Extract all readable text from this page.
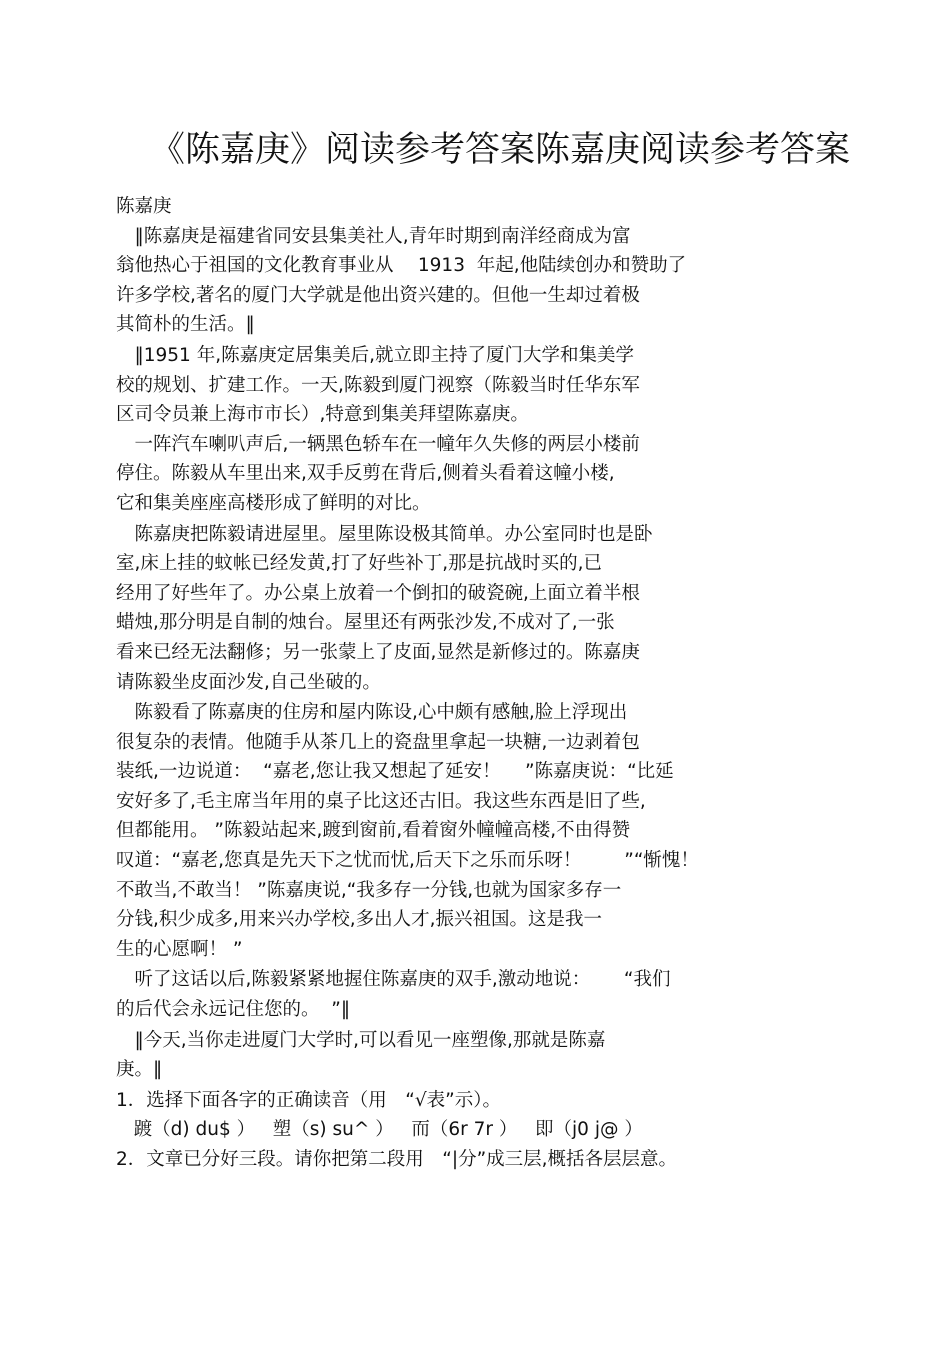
《陈嘉庚》阅读参考答案陈嘉庚阅读参考答案
陈嘉庚
　‖陈嘉庚是福建省同安县集美社人,青年时期到南洋经商成为富
翁他热心于祖国的文化教育事业从　 1913  年起,他陆续创办和赞助了
许多学校,著名的厦门大学就是他出资兴建的。但他一生却过着极
其简朴的生活。‖
　‖1951 年,陈嘉庚定居集美后,就立即主持了厦门大学和集美学
校的规划、扩建工作。一天,陈毅到厦门视察（陈毅当时任华东军
区司令员兼上海市市长）,特意到集美拜望陈嘉庚。
　一阵汽车喇叭声后,一辆黑色轿车在一幢年久失修的两层小楼前
停住。陈毅从车里出来,双手反剪在背后,侧着头看着这幢小楼,
它和集美座座高楼形成了鲜明的对比。
　陈嘉庚把陈毅请进屋里。屋里陈设极其简单。办公室同时也是卧
室,床上挂的蚊帐已经发黄,打了好些补丁,那是抗战时买的,已
经用了好些年了。办公桌上放着一个倒扣的破瓷碗,上面立着半根
蜡烛,那分明是自制的烛台。屋里还有两张沙发,不成对了,一张
看来已经无法翻修；另一张蒙上了皮面,显然是新修过的。陈嘉庚
请陈毅坐皮面沙发,自己坐破的。
　陈毅看了陈嘉庚的住房和屋内陈设,心中颇有感触,脸上浮现出
很复杂的表情。他随手从茶几上的瓷盘里拿起一块糖,一边剥着包
装纸,一边说道：  “嘉老,您让我又想起了延安！　 ”陈嘉庚说：“比延
安好多了,毛主席当年用的桌子比这还古旧。我这些东西是旧了些,
但都能用。 ”陈毅站起来,踱到窗前,看着窗外幢幢高楼,不由得赞
叹道：“嘉老,您真是先天下之忧而忧,后天下之乐而乐呀！　　 ”“惭愧！
不敢当,不敢当！ ”陈嘉庚说,“我多存一分钱,也就为国家多存一
分钱,积少成多,用来兴办学校,多出人才,振兴祖国。这是我一
生的心愿啊！ ”
　听了这话以后,陈毅紧紧地握住陈嘉庚的双手,激动地说：　　 “我们
的后代会永远记住您的。  ”‖
　‖今天,当你走进厦门大学时,可以看见一座塑像,那就是陈嘉
庚。‖
1．选择下面各字的正确读音（用　“√表”示）。
踱（d) du$ ）   塑（s) su^ ）   而（6r 7r ）   即（j0 j@ ）
2．文章已分好三段。请你把第二段用　“|分”成三层,概括各层层意。
